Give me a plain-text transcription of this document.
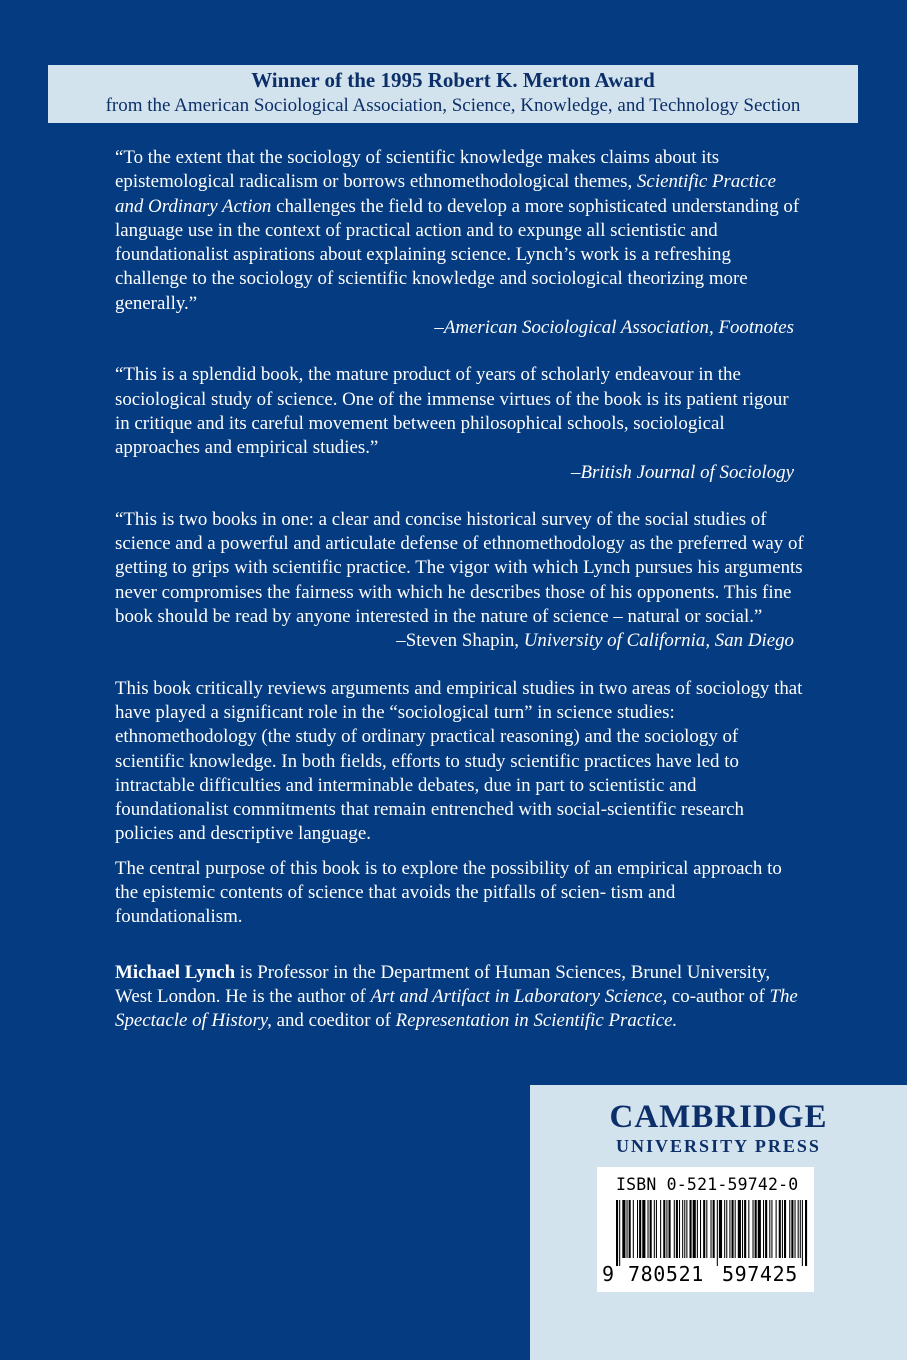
Winner of the 1995 Robert K. Merton Award
from the American Sociological Association, Science, Knowledge, and Technology Section

“To the extent that the sociology of scientific knowledge makes claims about its epistemological radicalism or borrows ethnomethodological themes, Scientific Practice and Ordinary Action challenges the field to develop a more sophisticated understanding of language use in the context of practical action and to expunge all scientistic and foundationalist aspirations about explaining science. Lynch’s work is a refreshing challenge to the sociology of scientific knowledge and sociological theorizing more generally.”

–American Sociological Association, Footnotes

“This is a splendid book, the mature product of years of scholarly endeavour in the sociological study of science. One of the immense virtues of the book is its patient rigour in critique and its careful movement between philosophical schools, sociological approaches and empirical studies.”

–British Journal of Sociology

“This is two books in one: a clear and concise historical survey of the social studies of science and a powerful and articulate defense of ethnomethodology as the preferred way of getting to grips with scientific practice. The vigor with which Lynch pursues his arguments never compromises the fairness with which he describes those of his opponents. This fine book should be read by anyone interested in the nature of science – natural or social.”

–Steven Shapin, University of California, San Diego

This book critically reviews arguments and empirical studies in two areas of sociology that have played a significant role in the “sociological turn” in science studies: ethnomethodology (the study of ordinary practical reasoning) and the sociology of scientific knowledge. In both fields, efforts to study scientific practices have led to intractable difficulties and interminable debates, due in part to scientistic and foundationalist commitments that remain entrenched with social-scientific research policies and descriptive language.

The central purpose of this book is to explore the possibility of an empirical approach to the epistemic contents of science that avoids the pitfalls of scien- tism and foundationalism.

Michael Lynch is Professor in the Department of Human Sciences, Brunel University, West London. He is the author of Art and Artifact in Laboratory Science, co-author of The Spectacle of History, and coeditor of Representation in Scientific Practice.

CAMBRIDGE
UNIVERSITY PRESS
ISBN 0-521-59742-0
9 780521 597425
